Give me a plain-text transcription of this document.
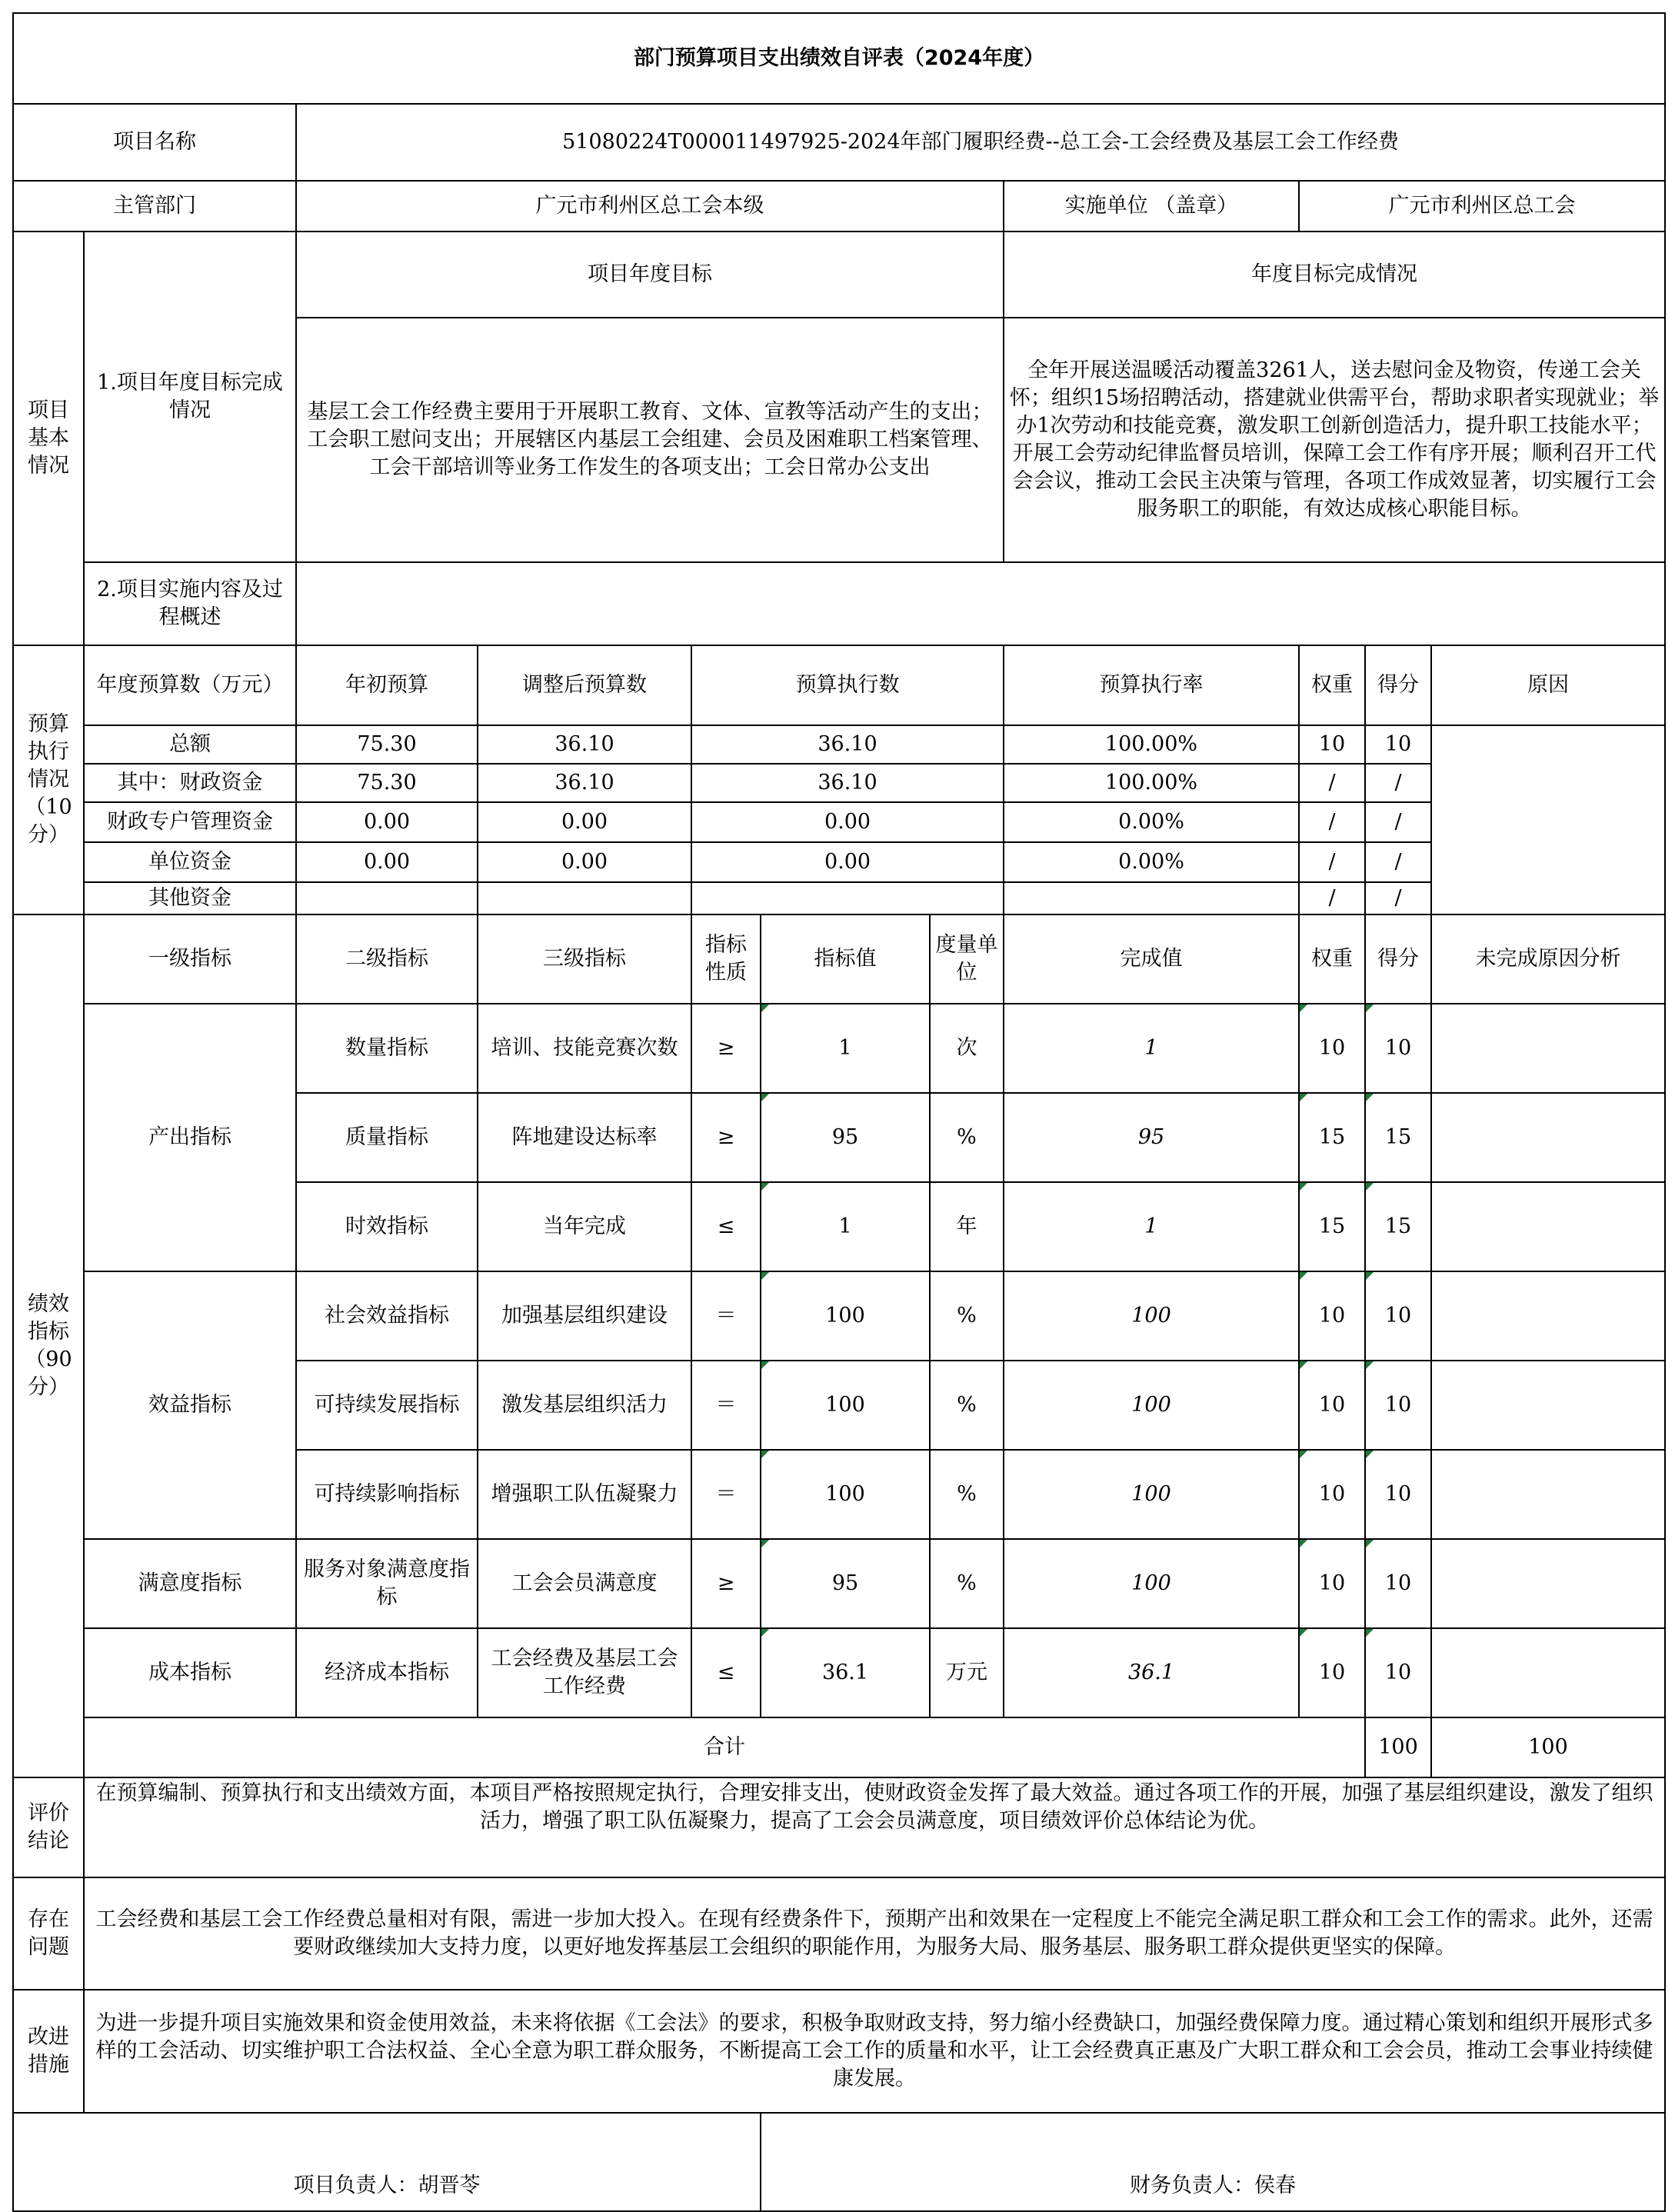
部门预算项目支出绩效自评表（2024年度）											
项目名称		51080224T000011497925-2024年部门履职经费--总工会-工会经费及基层工会工作经费									
主管部门		广元市利州区总工会本级					实施单位 （盖章）	广元市利州区总工会			
项目基本情况	1.项目年度目标完成情况	项目年度目标					年度目标完成情况				
		基层工会工作经费主要用于开展职工教育、文体、宣教等活动产生的支出；工会职工慰问支出；开展辖区内基层工会组建、会员及困难职工档案管理、工会干部培训等业务工作发生的各项支出；工会日常办公支出					全年开展送温暖活动覆盖3261人，送去慰问金及物资，传递工会关怀；组织15场招聘活动，搭建就业供需平台，帮助求职者实现就业；举办1次劳动和技能竞赛，激发职工创新创造活力，提升职工技能水平；开展工会劳动纪律监督员培训，保障工会工作有序开展；顺利召开工代会会议，推动工会民主决策与管理，各项工作成效显著，切实履行工会服务职工的职能，有效达成核心职能目标。				
	2.项目实施内容及过程概述										

预算执行情况（10分）	年度预算数（万元）	年初预算	调整后预算数	预算执行数			预算执行率	权重	得分	原因	
	总额	75.30	36.10	36.10			100.00%	10	10		
	其中：财政资金	75.30	36.10	36.10			100.00%	/	/		
	财政专户管理资金	0.00	0.00	0.00			0.00%	/	/		
	单位资金	0.00	0.00	0.00			0.00%	/	/		
	其他资金							/	/		
绩效指标（90分）	一级指标	二级指标	三级指标	指标性质	指标值	度量单位	完成值	权重	得分	未完成原因分析	
	产出指标	数量指标	培训、技能竞赛次数	≥	1	次	1	10	10		
		质量指标	阵地建设达标率	≥	95	%	95	15	15		
		时效指标	当年完成	≤	1	年	1	15	15		
	效益指标	社会效益指标	加强基层组织建设	＝	100	%	100	10	10		
		可持续发展指标	激发基层组织活力	＝	100	%	100	10	10		
		可持续影响指标	增强职工队伍凝聚力	＝	100	%	100	10	10		
	满意度指标	服务对象满意度指标	工会会员满意度	≥	95	%	100	10	10		
	成本指标	经济成本指标	工会经费及基层工会工作经费	≤	36.1	万元	36.1	10	10		
	合计								100	100	
评价结论	在预算编制、预算执行和支出绩效方面，本项目严格按照规定执行，合理安排支出，使财政资金发挥了最大效益。通过各项工作的开展，加强了基层组织建设，激发了组织活力，增强了职工队伍凝聚力，提高了工会会员满意度，项目绩效评价总体结论为优。										
存在问题	工会经费和基层工会工作经费总量相对有限，需进一步加大投入。在现有经费条件下，预期产出和效果在一定程度上不能完全满足职工群众和工会工作的需求。此外，还需要财政继续加大支持力度，以更好地发挥基层工会组织的职能作用，为服务大局、服务基层、服务职工群众提供更坚实的保障。										
改进措施	为进一步提升项目实施效果和资金使用效益，未来将依据《工会法》的要求，积极争取财政支持，努力缩小经费缺口，加强经费保障力度。通过精心策划和组织开展形式多样的工会活动、切实维护职工合法权益、全心全意为职工群众服务，不断提高工会工作的质量和水平，让工会经费真正惠及广大职工群众和工会会员，推动工会事业持续健康发展。										
项目负责人：胡晋苓					财务负责人：侯春						
